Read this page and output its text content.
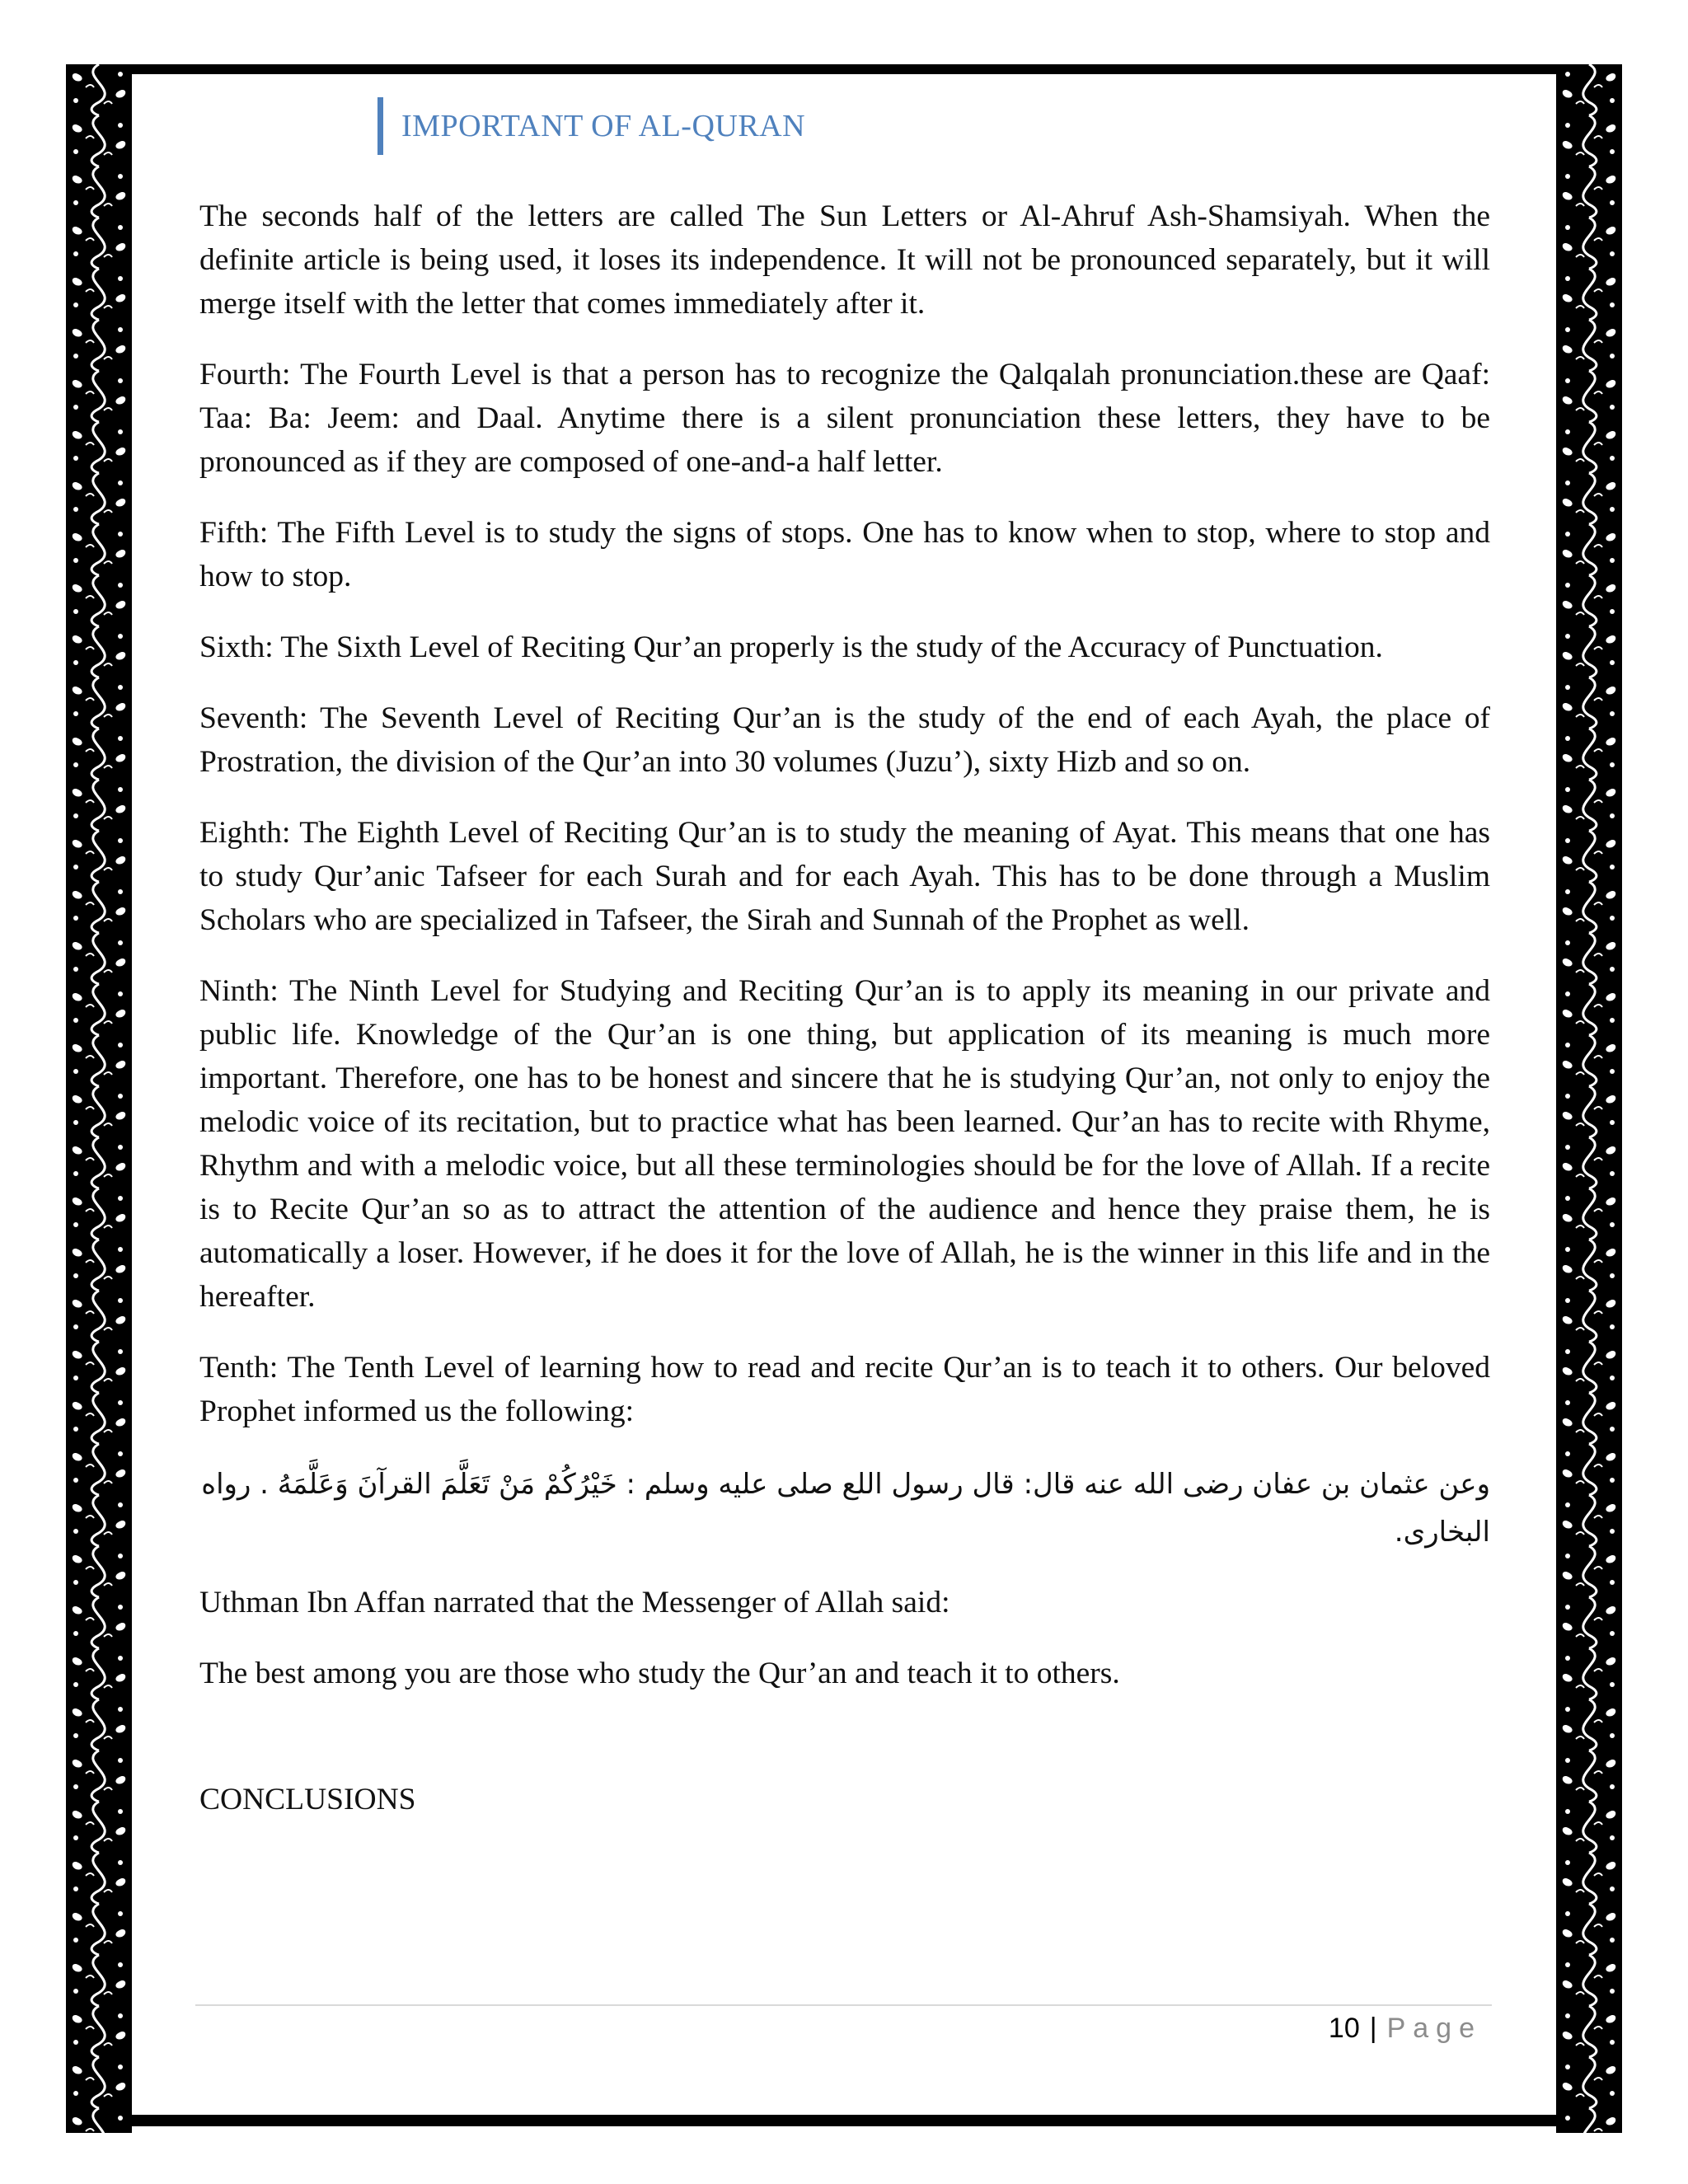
IMPORTANT OF AL-QURAN

The seconds half of the letters are called The Sun Letters or Al-Ahruf Ash-Shamsiyah. When the definite article is being used, it loses its independence. It will not be pronounced separately, but it will merge itself with the letter that comes immediately after it.

Fourth: The Fourth Level is that a person has to recognize the Qalqalah pronunciation.these are Qaaf: Taa: Ba: Jeem: and Daal. Anytime there is a silent pronunciation these letters, they have to be pronounced as if they are composed of one-and-a half letter.

Fifth: The Fifth Level is to study the signs of stops. One has to know when to stop, where to stop and how to stop.

Sixth: The Sixth Level of Reciting Qur’an properly is the study of the Accuracy of Punctuation.

Seventh: The Seventh Level of Reciting Qur’an is the study of the end of each Ayah, the place of Prostration, the division of the Qur’an into 30 volumes (Juzu’), sixty Hizb and so on.

Eighth: The Eighth Level of Reciting Qur’an is to study the meaning of Ayat. This means that one has to study Qur’anic Tafseer for each Surah and for each Ayah. This has to be done through a Muslim Scholars who are specialized in Tafseer, the Sirah and Sunnah of the Prophet as well.

Ninth: The Ninth Level for Studying and Reciting Qur’an is to apply its meaning in our private and public life. Knowledge of the Qur’an is one thing, but application of its meaning is much more important. Therefore, one has to be honest and sincere that he is studying Qur’an, not only to enjoy the melodic voice of its recitation, but to practice what has been learned. Qur’an has to recite with Rhyme, Rhythm and with a melodic voice, but all these terminologies should be for the love of Allah. If a recite is to Recite Qur’an so as to attract the attention of the audience and hence they praise them, he is automatically a loser. However, if he does it for the love of Allah, he is the winner in this life and in the hereafter.

Tenth: The Tenth Level of learning how to read and recite Qur’an is to teach it to others. Our beloved Prophet informed us the following:

وعن عثمان بن عفان رضى الله عنه قال: قال رسول اللع صلى عليه وسلم : خَيْرُكُمْ مَنْ تَعَلَّمَ القرآنَ وَعَلَّمَهُ . رواه البخارى.

Uthman Ibn Affan narrated that the Messenger of Allah said:

The best among you are those who study the Qur’an and teach it to others.

CONCLUSIONS

10 | Page
